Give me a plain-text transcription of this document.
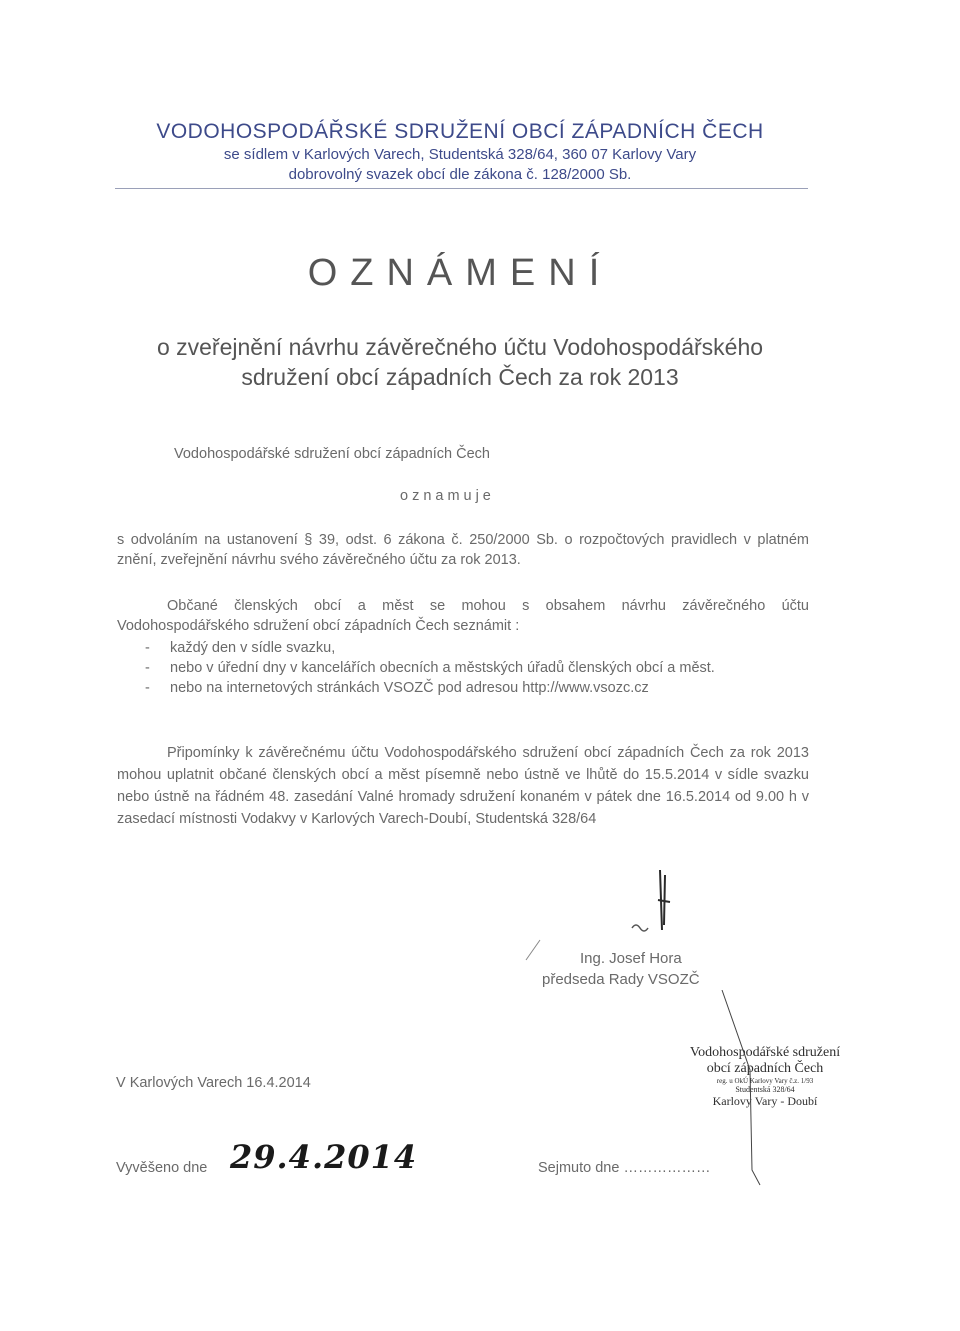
VODOHOSPODÁŘSKÉ SDRUŽENÍ OBCÍ ZÁPADNÍCH ČECH
se sídlem v Karlových Varech, Studentská 328/64, 360 07 Karlovy Vary
dobrovolný svazek obcí dle zákona č. 128/2000 Sb.
OZNÁMENÍ
o zveřejnění návrhu závěrečného účtu Vodohospodářského sdružení obcí západních Čech za rok 2013
Vodohospodářské sdružení obcí západních Čech
oznamuje
s odvoláním na ustanovení § 39, odst. 6 zákona č. 250/2000 Sb. o rozpočtových pravidlech v platném znění, zveřejnění návrhu svého závěrečného účtu za rok 2013.
Občané členských obcí a měst se mohou s obsahem návrhu závěrečného účtu Vodohospodářského sdružení obcí západních Čech seznámit :
- každý den v sídle svazku,
- nebo v úřední dny v kancelářích obecních a městských úřadů členských obcí a měst.
- nebo na internetových stránkách VSOZČ pod adresou http://www.vsozc.cz
Připomínky k závěrečnému účtu Vodohospodářského sdružení obcí západních Čech za rok 2013 mohou uplatnit občané členských obcí a měst písemně nebo ústně ve lhůtě do 15.5.2014 v sídle svazku nebo ústně na řádném 48. zasedání Valné hromady sdružení konaném v pátek dne 16.5.2014 od 9.00 h v zasedací místnosti Vodakvy v Karlových Varech-Doubí, Studentská 328/64
Ing. Josef Hora
předseda Rady VSOZČ
V Karlových Varech 16.4.2014
Vyvěšeno dne 29.4.2014	Sejmuto dne ………………
Vodohospodářské sdružení
obcí západních Čech
reg. u OkÚ Karlovy Vary č.z. 1/93
Studentská 328/64
Karlovy Vary - Doubí
